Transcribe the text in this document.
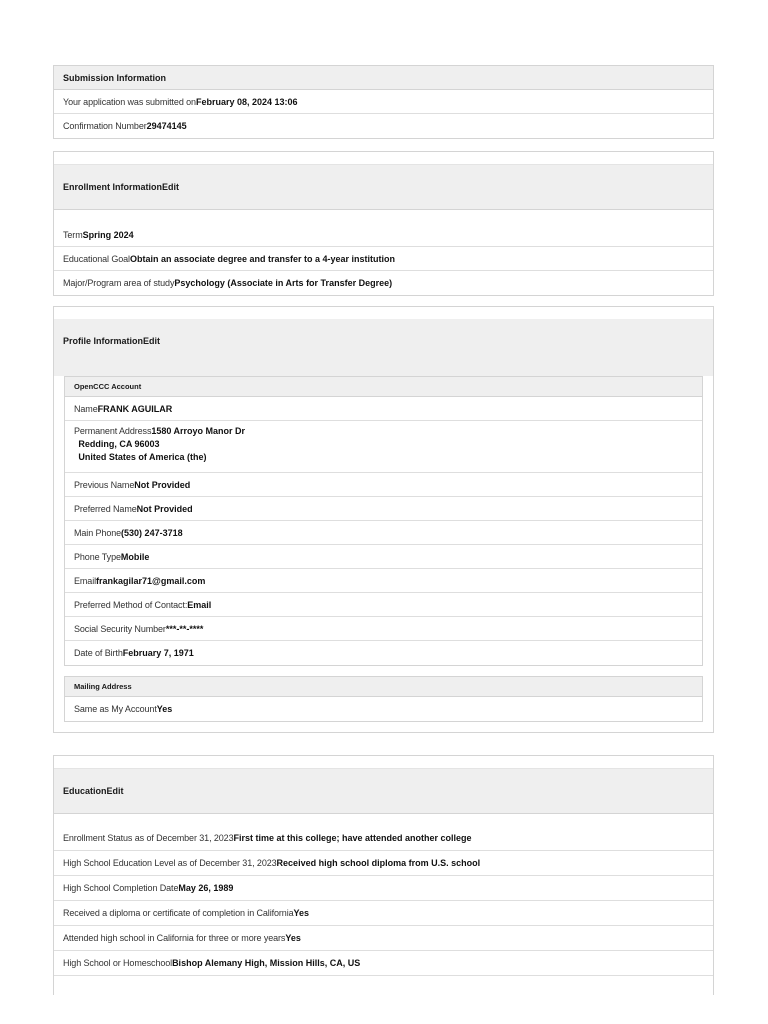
Submission Information
Your application was submitted on February 08, 2024 13:06
Confirmation Number 29474145
Enrollment Information Edit
Term Spring 2024
Educational Goal Obtain an associate degree and transfer to a 4-year institution
Major/Program area of study Psychology (Associate in Arts for Transfer Degree)
Profile Information Edit
OpenCCC Account
Name FRANK AGUILAR
Permanent Address 1580 Arroyo Manor Dr
Redding, CA 96003
United States of America (the)
Previous Name Not Provided
Preferred Name Not Provided
Main Phone (530) 247-3718
Phone Type Mobile
Email frankagilar71@gmail.com
Preferred Method of Contact: Email
Social Security Number ***-**-****
Date of Birth February 7, 1971
Mailing Address
Same as My Account Yes
Education Edit
Enrollment Status as of December 31, 2023 First time at this college; have attended another college
High School Education Level as of December 31, 2023 Received high school diploma from U.S. school
High School Completion Date May 26, 1989
Received a diploma or certificate of completion in California Yes
Attended high school in California for three or more years Yes
High School or Homeschool Bishop Alemany High, Mission Hills, CA, US
